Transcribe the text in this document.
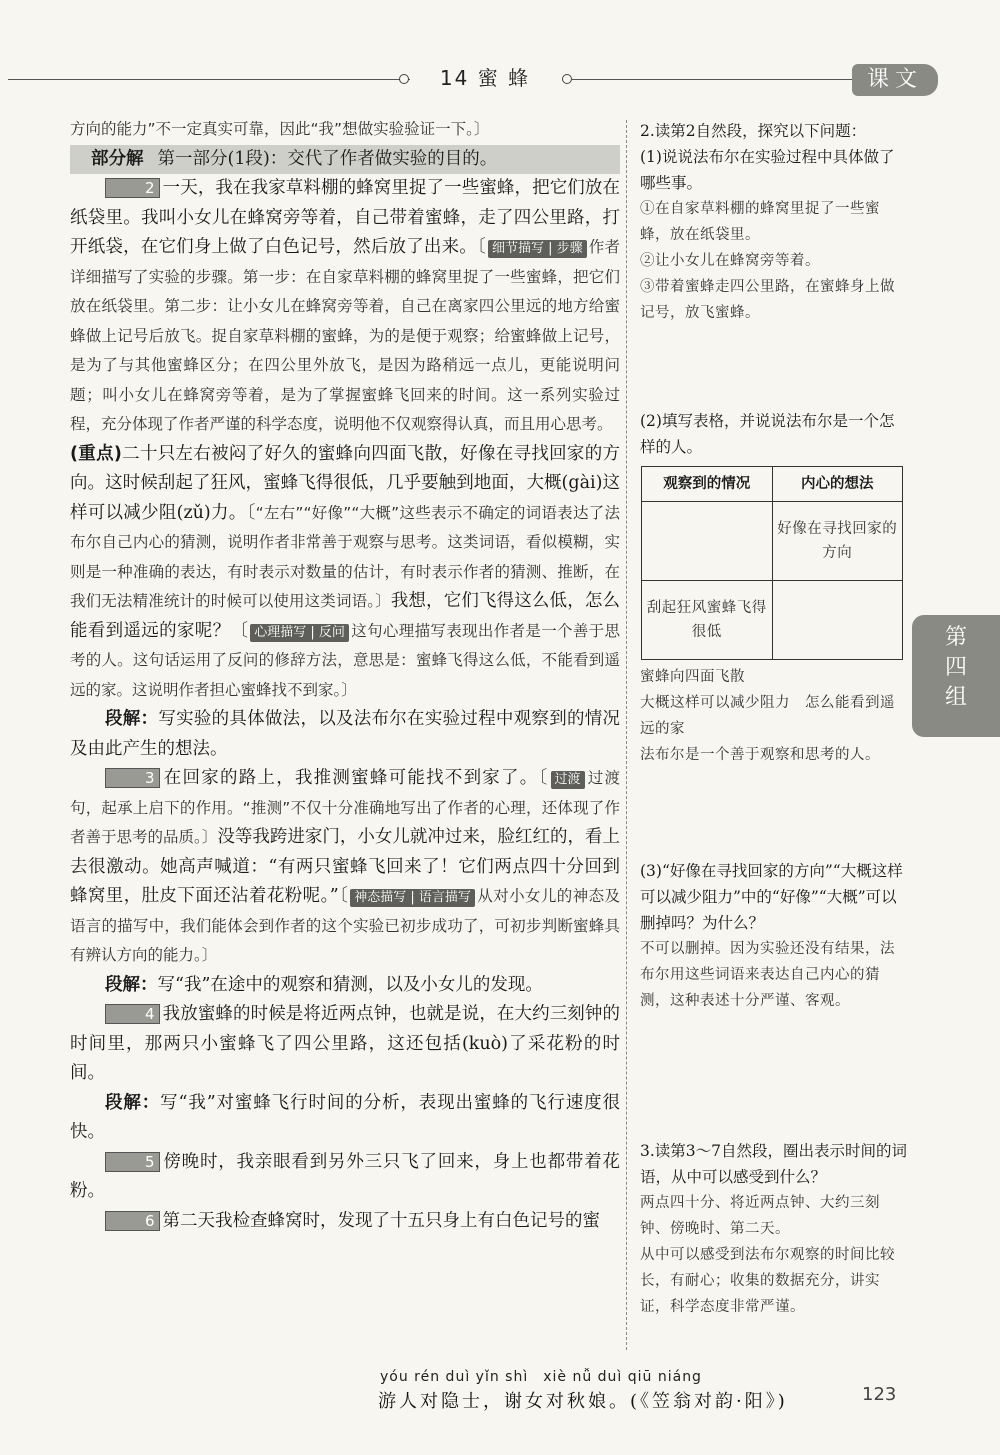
14 蜜 蜂	课文

方向的能力”不一定真实可靠，因此“我”想做实验验证一下。〕

部分解 第一部分(1段)：交代了作者做实验的目的。

2 一天，我在我家草料棚的蜂窝里捉了一些蜜蜂，把它们放在纸袋里。我叫小女儿在蜂窝旁等着，自己带着蜜蜂，走了四公里路，打开纸袋，在它们身上做了白色记号，然后放了出来。〔 细节描写 | 步骤 作者详细描写了实验的步骤。第一步：在自家草料棚的蜂窝里捉了一些蜜蜂，把它们放在纸袋里。第二步：让小女儿在蜂窝旁等着，自己在离家四公里远的地方给蜜蜂做上记号后放飞。捉自家草料棚的蜜蜂，为的是便于观察；给蜜蜂做上记号，是为了与其他蜜蜂区分；在四公里外放飞，是因为路稍远一点儿，更能说明问题；叫小女儿在蜂窝旁等着，是为了掌握蜜蜂飞回来的时间。这一系列实验过程，充分体现了作者严谨的科学态度，说明他不仅观察得认真，而且用心思考。
(重点)二十只左右被闷了好久的蜜蜂向四面飞散，好像在寻找回家的方向。这时候刮起了狂风，蜜蜂飞得很低，几乎要触到地面，大概(gài)这样可以减少阻(zǔ)力。〔“左右”“好像”“大概”这些表示不确定的词语表达了法布尔自己内心的猜测，说明作者非常善于观察与思考。这类词语，看似模糊，实则是一种准确的表达，有时表示对数量的估计，有时表示作者的猜测、推断，在我们无法精准统计的时候可以使用这类词语。〕我想，它们飞得这么低，怎么能看到遥远的家呢？〔 心理描写 | 反问 这句心理描写表现出作者是一个善于思考的人。这句话运用了反问的修辞方法，意思是：蜜蜂飞得这么低，不能看到遥远的家。这说明作者担心蜜蜂找不到家。〕

段解：写实验的具体做法，以及法布尔在实验过程中观察到的情况及由此产生的想法。

3 在回家的路上，我推测蜜蜂可能找不到家了。〔 过渡 过渡句，起承上启下的作用。“推测”不仅十分准确地写出了作者的心理，还体现了作者善于思考的品质。〕没等我跨进家门，小女儿就冲过来，脸红红的，看上去很激动。她高声喊道：“有两只蜜蜂飞回来了！它们两点四十分回到蜂窝里，肚皮下面还沾着花粉呢。”〔 神态描写 | 语言描写 从对小女儿的神态及语言的描写中，我们能体会到作者的这个实验已初步成功了，可初步判断蜜蜂具有辨认方向的能力。〕

段解：写“我”在途中的观察和猜测，以及小女儿的发现。

4 我放蜜蜂的时候是将近两点钟，也就是说，在大约三刻钟的时间里，那两只小蜜蜂飞了四公里路，这还包括(kuò)了采花粉的时间。

段解：写“我”对蜜蜂飞行时间的分析，表现出蜜蜂的飞行速度很快。

5 傍晚时，我亲眼看到另外三只飞了回来，身上也都带着花粉。

6 第二天我检查蜂窝时，发现了十五只身上有白色记号的蜜

2.读第2自然段，探究以下问题：

(1)说说法布尔在实验过程中具体做了哪些事。

①在自家草料棚的蜂窝里捉了一些蜜蜂，放在纸袋里。

②让小女儿在蜂窝旁等着。

③带着蜜蜂走四公里路，在蜜蜂身上做记号，放飞蜜蜂。

(2)填写表格，并说说法布尔是一个怎样的人。

观察到的情况	内心的想法
	好像在寻找回家的方向
刮起狂风蜜蜂飞得很低	

蜜蜂向四面飞散

大概这样可以减少阻力　怎么能看到遥远的家

法布尔是一个善于观察和思考的人。

(3)“好像在寻找回家的方向”“大概这样可以减少阻力”中的“好像”“大概”可以删掉吗？为什么？

不可以删掉。因为实验还没有结果，法布尔用这些词语来表达自己内心的猜测，这种表述十分严谨、客观。

3.读第3～7自然段，圈出表示时间的词语，从中可以感受到什么？

两点四十分、将近两点钟、大约三刻钟、傍晚时、第二天。

从中可以感受到法布尔观察的时间比较长，有耐心；收集的数据充分，讲实证，科学态度非常严谨。

第
四
组
yóu rén duì yǐn shì　xiè nǚ duì qiū niáng
游人对隐士，谢女对秋娘。(《笠翁对韵·阳》)	123
